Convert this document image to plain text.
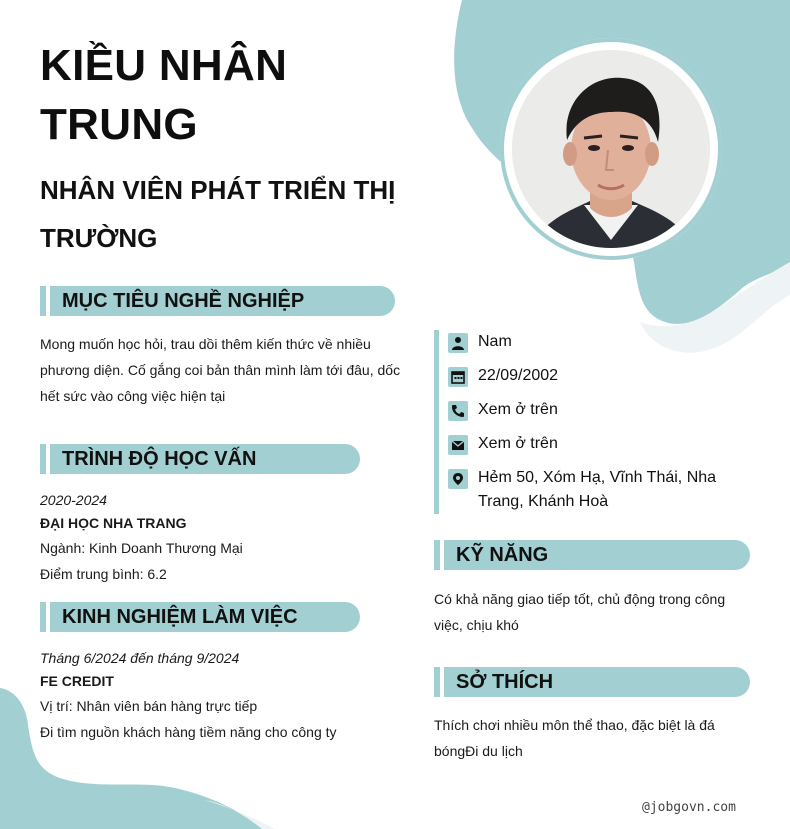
KIỀU NHÂN TRUNG
NHÂN VIÊN PHÁT TRIỂN THỊ TRƯỜNG
MỤC TIÊU NGHỀ NGHIỆP
Mong muốn học hỏi, trau dồi thêm kiến thức về nhiều phương diện. Cố gắng coi bản thân mình làm tới đâu, dốc hết sức vào công việc hiện tại
TRÌNH ĐỘ HỌC VẤN
2020-2024
ĐẠI HỌC NHA TRANG
Ngành: Kinh Doanh Thương Mại
Điểm trung bình: 6.2
KINH NGHIỆM LÀM VIỆC
Tháng 6/2024 đến tháng 9/2024
FE CREDIT
Vị trí: Nhân viên bán hàng trực tiếp
Đi tìm nguồn khách hàng tiềm năng cho công ty
Nam
22/09/2002
Xem ở trên
Xem ở trên
Hẻm 50, Xóm Hạ, Vĩnh Thái, Nha Trang, Khánh Hoà
KỸ NĂNG
Có khả năng giao tiếp tốt, chủ động trong công việc, chịu khó
SỞ THÍCH
Thích chơi nhiều môn thể thao, đặc biệt là đá bóngĐi du lịch
@jobgovn.com
